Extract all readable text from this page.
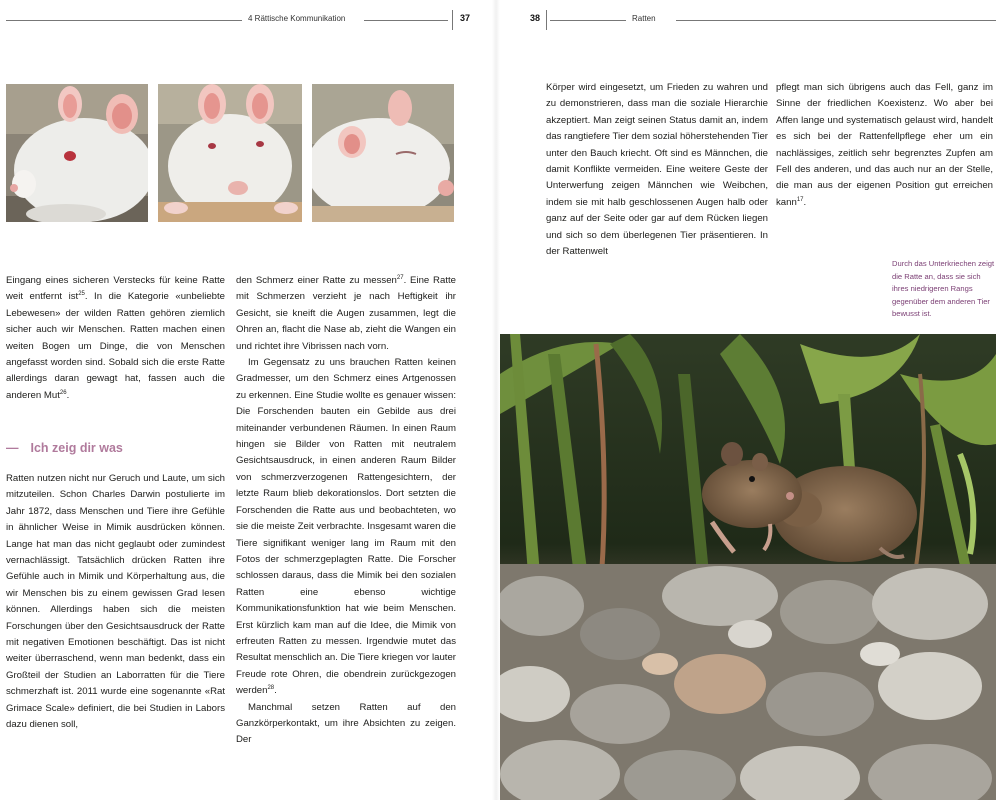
4 Rättische Kommunikation	37

Eingang eines sicheren Verstecks für keine Ratte weit entfernt ist$^{25}$. In die Kategorie «unbeliebte Lebewesen» der wilden Ratten gehören ziemlich sicher auch wir Menschen. Ratten machen einen weiten Bogen um Dinge, die von Menschen angefasst worden sind. Sobald sich die erste Ratte allerdings daran gewagt hat, fassen auch die anderen Mut$^{26}$.

— Ich zeig dir was

Ratten nutzen nicht nur Geruch und Laute, um sich mitzuteilen. Schon Charles Darwin postulierte im Jahr 1872, dass Menschen und Tiere ihre Gefühle in ähnlicher Weise in Mimik ausdrücken können. Lange hat man das nicht geglaubt oder zumindest vernachlässigt. Tatsächlich drücken Ratten ihre Gefühle auch in Mimik und Körperhaltung aus, die wir Menschen bis zu einem gewissen Grad lesen können. Allerdings haben sich die meisten Forschungen über den Gesichtsausdruck der Ratte mit negativen Emotionen beschäftigt. Das ist nicht weiter überraschend, wenn man bedenkt, dass ein Großteil der Studien an Laborratten für die Tiere schmerzhaft ist. 2011 wurde eine sogenannte «Rat Grimace Scale» definiert, die bei Studien in Labors dazu dienen soll,

den Schmerz einer Ratte zu messen$^{27}$. Eine Ratte mit Schmerzen verzieht je nach Heftigkeit ihr Gesicht, sie kneift die Augen zusammen, legt die Ohren an, flacht die Nase ab, zieht die Wangen ein und richtet ihre Vibrissen nach vorn.

Im Gegensatz zu uns brauchen Ratten keinen Gradmesser, um den Schmerz eines Artgenossen zu erkennen. Eine Studie wollte es genauer wissen: Die Forschenden bauten ein Gebilde aus drei miteinander verbundenen Räumen. In einen Raum hingen sie Bilder von Ratten mit neutralem Gesichtsausdruck, in einen anderen Raum Bilder von schmerzverzogenen Rattengesichtern, der letzte Raum blieb dekorationslos. Dort setzten die Forschenden die Ratte aus und beobachteten, wo sie die meiste Zeit verbrachte. Insgesamt waren die Tiere signifikant weniger lang im Raum mit den Fotos der schmerzgeplagten Ratte. Die Forscher schlossen daraus, dass die Mimik bei den sozialen Ratten eine ebenso wichtige Kommunikationsfunktion hat wie beim Menschen. Erst kürzlich kam man auf die Idee, die Mimik von erfreuten Ratten zu messen. Irgendwie mutet das Resultat menschlich an. Die Tiere kriegen vor lauter Freude rote Ohren, die obendrein zurückgezogen werden$^{28}$.

Manchmal setzen Ratten auf den Ganzkörperkontakt, um ihre Absichten zu zeigen. Der

38	Ratten

Körper wird eingesetzt, um Frieden zu wahren und zu demonstrieren, dass man die soziale Hierarchie akzeptiert. Man zeigt seinen Status damit an, indem das rangtiefere Tier dem sozial höherstehenden Tier unter den Bauch kriecht. Oft sind es Männchen, die damit Konflikte vermeiden. Eine weitere Geste der Unterwerfung zeigen Männchen wie Weibchen, indem sie mit halb geschlossenen Augen halb oder ganz auf der Seite oder gar auf dem Rücken liegen und sich so dem überlegenen Tier präsentieren. In der Rattenwelt

pflegt man sich übrigens auch das Fell, ganz im Sinne der friedlichen Koexistenz. Wo aber bei Affen lange und systematisch gelaust wird, handelt es sich bei der Rattenfellpflege eher um ein nachlässiges, zeitlich sehr begrenztes Zupfen am Fell des anderen, und das auch nur an der Stelle, die man aus der eigenen Position gut erreichen kann$^{17}$.

Durch das Unterkriechen zeigt die Ratte an, dass sie sich ihres niedrigeren Rangs gegenüber dem anderen Tier bewusst ist.
